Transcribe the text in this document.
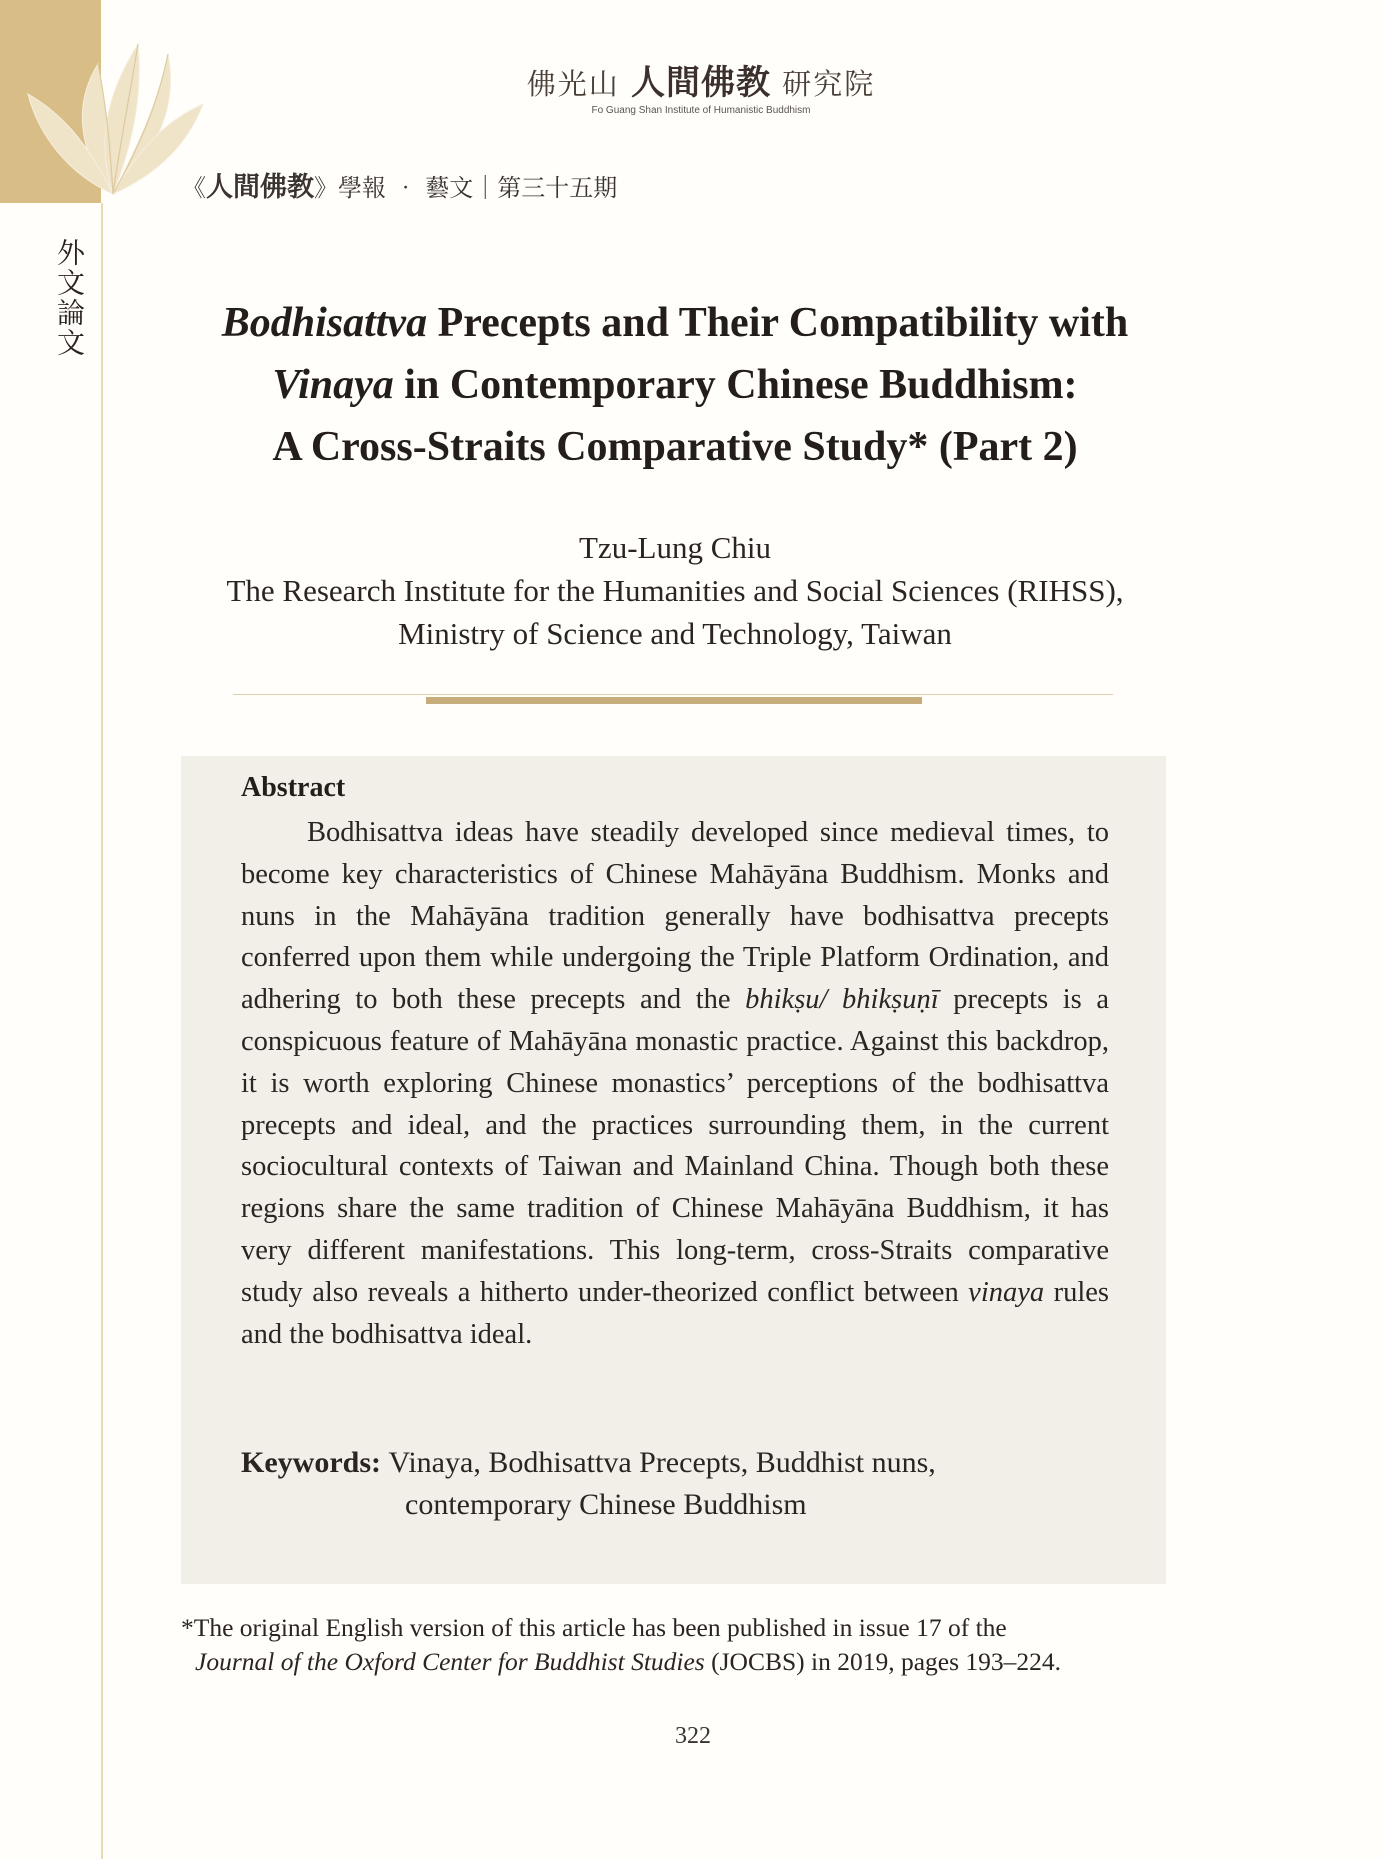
外文論文
佛光山 人間佛教 研究院
Fo Guang Shan Institute of Humanistic Buddhism
《人間佛教》學報 ‧ 藝文｜第三十五期
Bodhisattva Precepts and Their Compatibility with
Vinaya in Contemporary Chinese Buddhism:
A Cross-Straits Comparative Study* (Part 2)
Tzu-Lung Chiu
The Research Institute for the Humanities and Social Sciences (RIHSS),
Ministry of Science and Technology, Taiwan
Abstract

Bodhisattva ideas have steadily developed since medieval times, to become key characteristics of Chinese Mahāyāna Buddhism. Monks and nuns in the Mahāyāna tradition generally have bodhisattva precepts conferred upon them while undergoing the Triple Platform Ordination, and adhering to both these precepts and the bhikṣu/ bhikṣuṇī precepts is a conspicuous feature of Mahāyāna monastic practice. Against this backdrop, it is worth exploring Chinese monastics’ perceptions of the bodhisattva precepts and ideal, and the practices surrounding them, in the current sociocultural contexts of Taiwan and Mainland China. Though both these regions share the same tradition of Chinese Mahāyāna Buddhism, it has very different manifestations. This long-term, cross-Straits comparative study also reveals a hitherto under-theorized conflict between vinaya rules and the bodhisattva ideal.

Keywords:
Vinaya, Bodhisattva Precepts, Buddhist nuns,
contemporary Chinese Buddhism
*The original English version of this article has been published in issue 17 of the
Journal of the Oxford Center for Buddhist Studies (JOCBS) in 2019, pages 193–224.
322
